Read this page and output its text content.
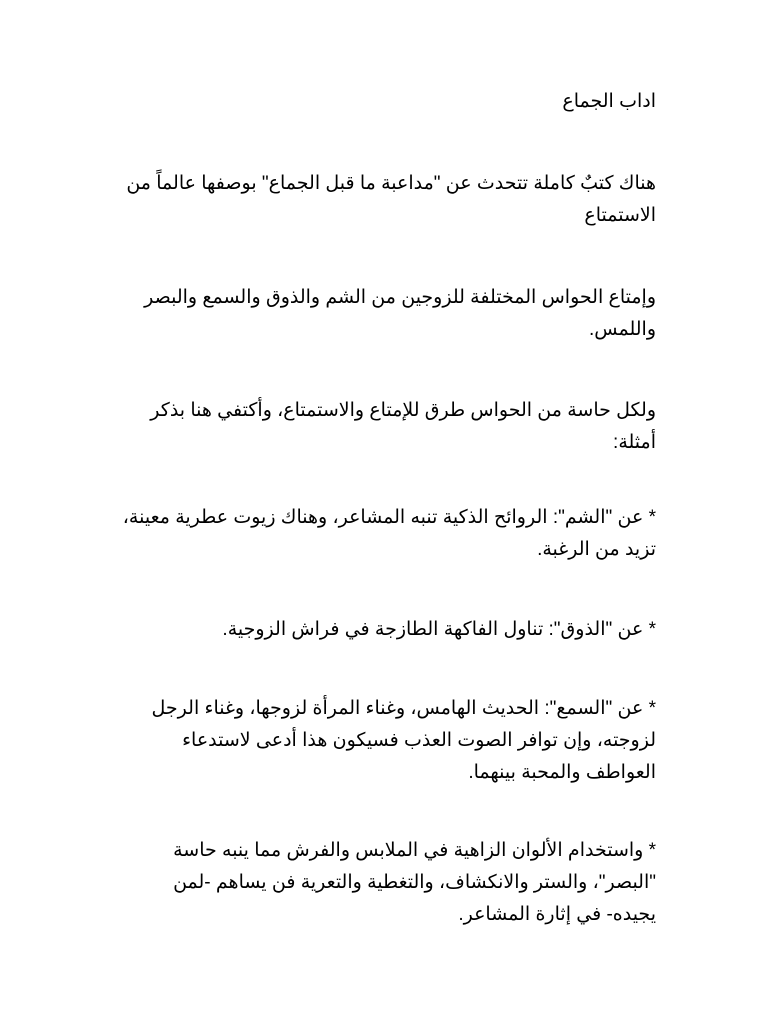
اداب الجماع

هناك كتبٌ كاملة تتحدث عن "مداعبة ما قبل الجماع" بوصفها عالماً من الاستمتاع

وإمتاع الحواس المختلفة للزوجين من الشم والذوق والسمع والبصر واللمس.

ولكل حاسة من الحواس طرق للإمتاع والاستمتاع، وأكتفي هنا بذكر أمثلة:

* عن "الشم": الروائح الذكية تنبه المشاعر، وهناك زيوت عطرية معينة، تزيد من الرغبة.

* عن "الذوق": تناول الفاكهة الطازجة في فراش الزوجية.

* عن "السمع": الحديث الهامس، وغناء المرأة لزوجها، وغناء الرجل لزوجته، وإن توافر الصوت العذب فسيكون هذا أدعى لاستدعاء العواطف والمحبة بينهما.

* واستخدام الألوان الزاهية في الملابس والفرش مما ينبه حاسة "البصر"، والستر والانكشاف، والتغطية والتعرية فن يساهم -لمن يجيده- في إثارة المشاعر.
